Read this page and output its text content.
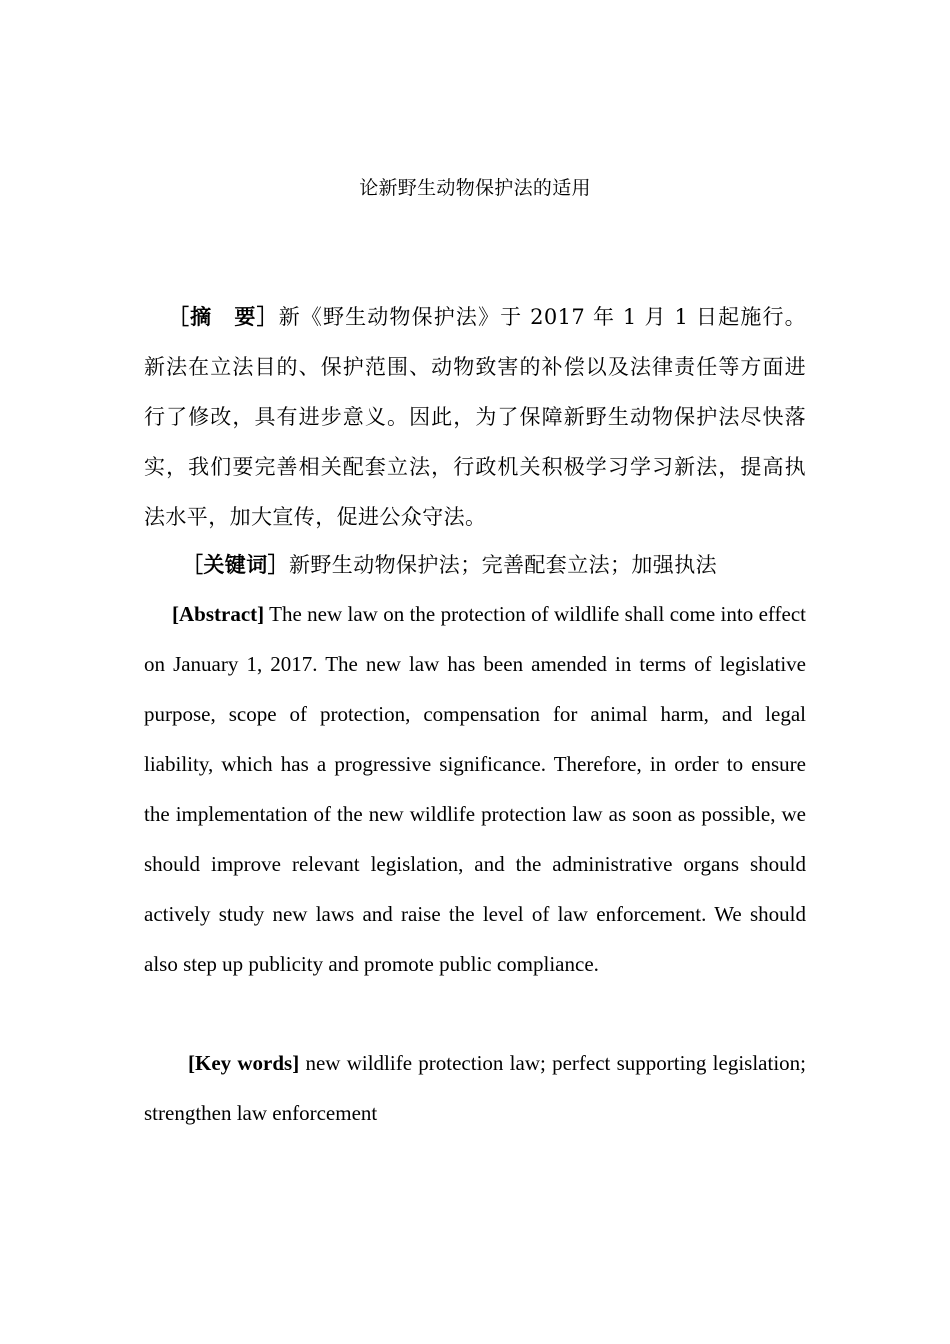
论新野生动物保护法的适用

［摘　要］新《野生动物保护法》于 2017 年 1 月 1 日起施行。新法在立法目的、保护范围、动物致害的补偿以及法律责任等方面进行了修改，具有进步意义。因此，为了保障新野生动物保护法尽快落实，我们要完善相关配套立法，行政机关积极学习学习新法，提高执法水平，加大宣传，促进公众守法。

［关键词］新野生动物保护法；完善配套立法；加强执法

[Abstract] The new law on the protection of wildlife shall come into effect on January 1, 2017. The new law has been amended in terms of legislative purpose, scope of protection, compensation for animal harm, and legal liability, which has a progressive significance. Therefore, in order to ensure the implementation of the new wildlife protection law as soon as possible, we should improve relevant legislation, and the administrative organs should actively study new laws and raise the level of law enforcement. We should also step up publicity and promote public compliance.

[Key words] new wildlife protection law; perfect supporting legislation; strengthen law enforcement
